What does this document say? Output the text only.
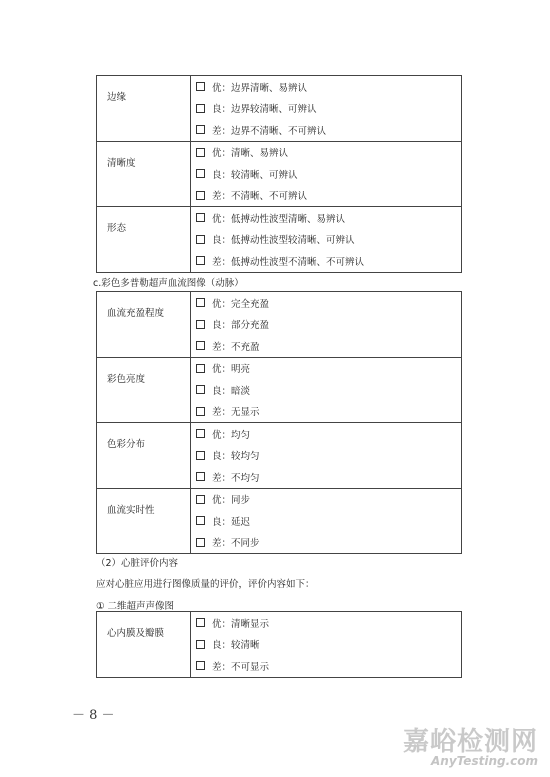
边缘	优：边界清晰、易辨认
良：边界较清晰、可辨认
差：边界不清晰、不可辨认

清晰度	优：清晰、易辨认
良：较清晰、可辨认
差：不清晰、不可辨认

形态	优：低搏动性波型清晰、易辨认
良：低搏动性波型较清晰、可辨认
差：低搏动性波型不清晰、不可辨认
c.彩色多普勒超声血流图像（动脉）
血流充盈程度	优：完全充盈
良：部分充盈
差：不充盈

彩色亮度	优：明亮
良：暗淡
差：无显示

色彩分布	优：均匀
良：较均匀
差：不均匀

血流实时性	优：同步
良：延迟
差：不同步
（2）心脏评价内容
应对心脏应用进行图像质量的评价，评价内容如下：
① 二维超声声像图
心内膜及瓣膜	
优：清晰显示
良：较清晰
差：不可显示
－ 8 －
嘉峪检测网
AnyTesting.com
